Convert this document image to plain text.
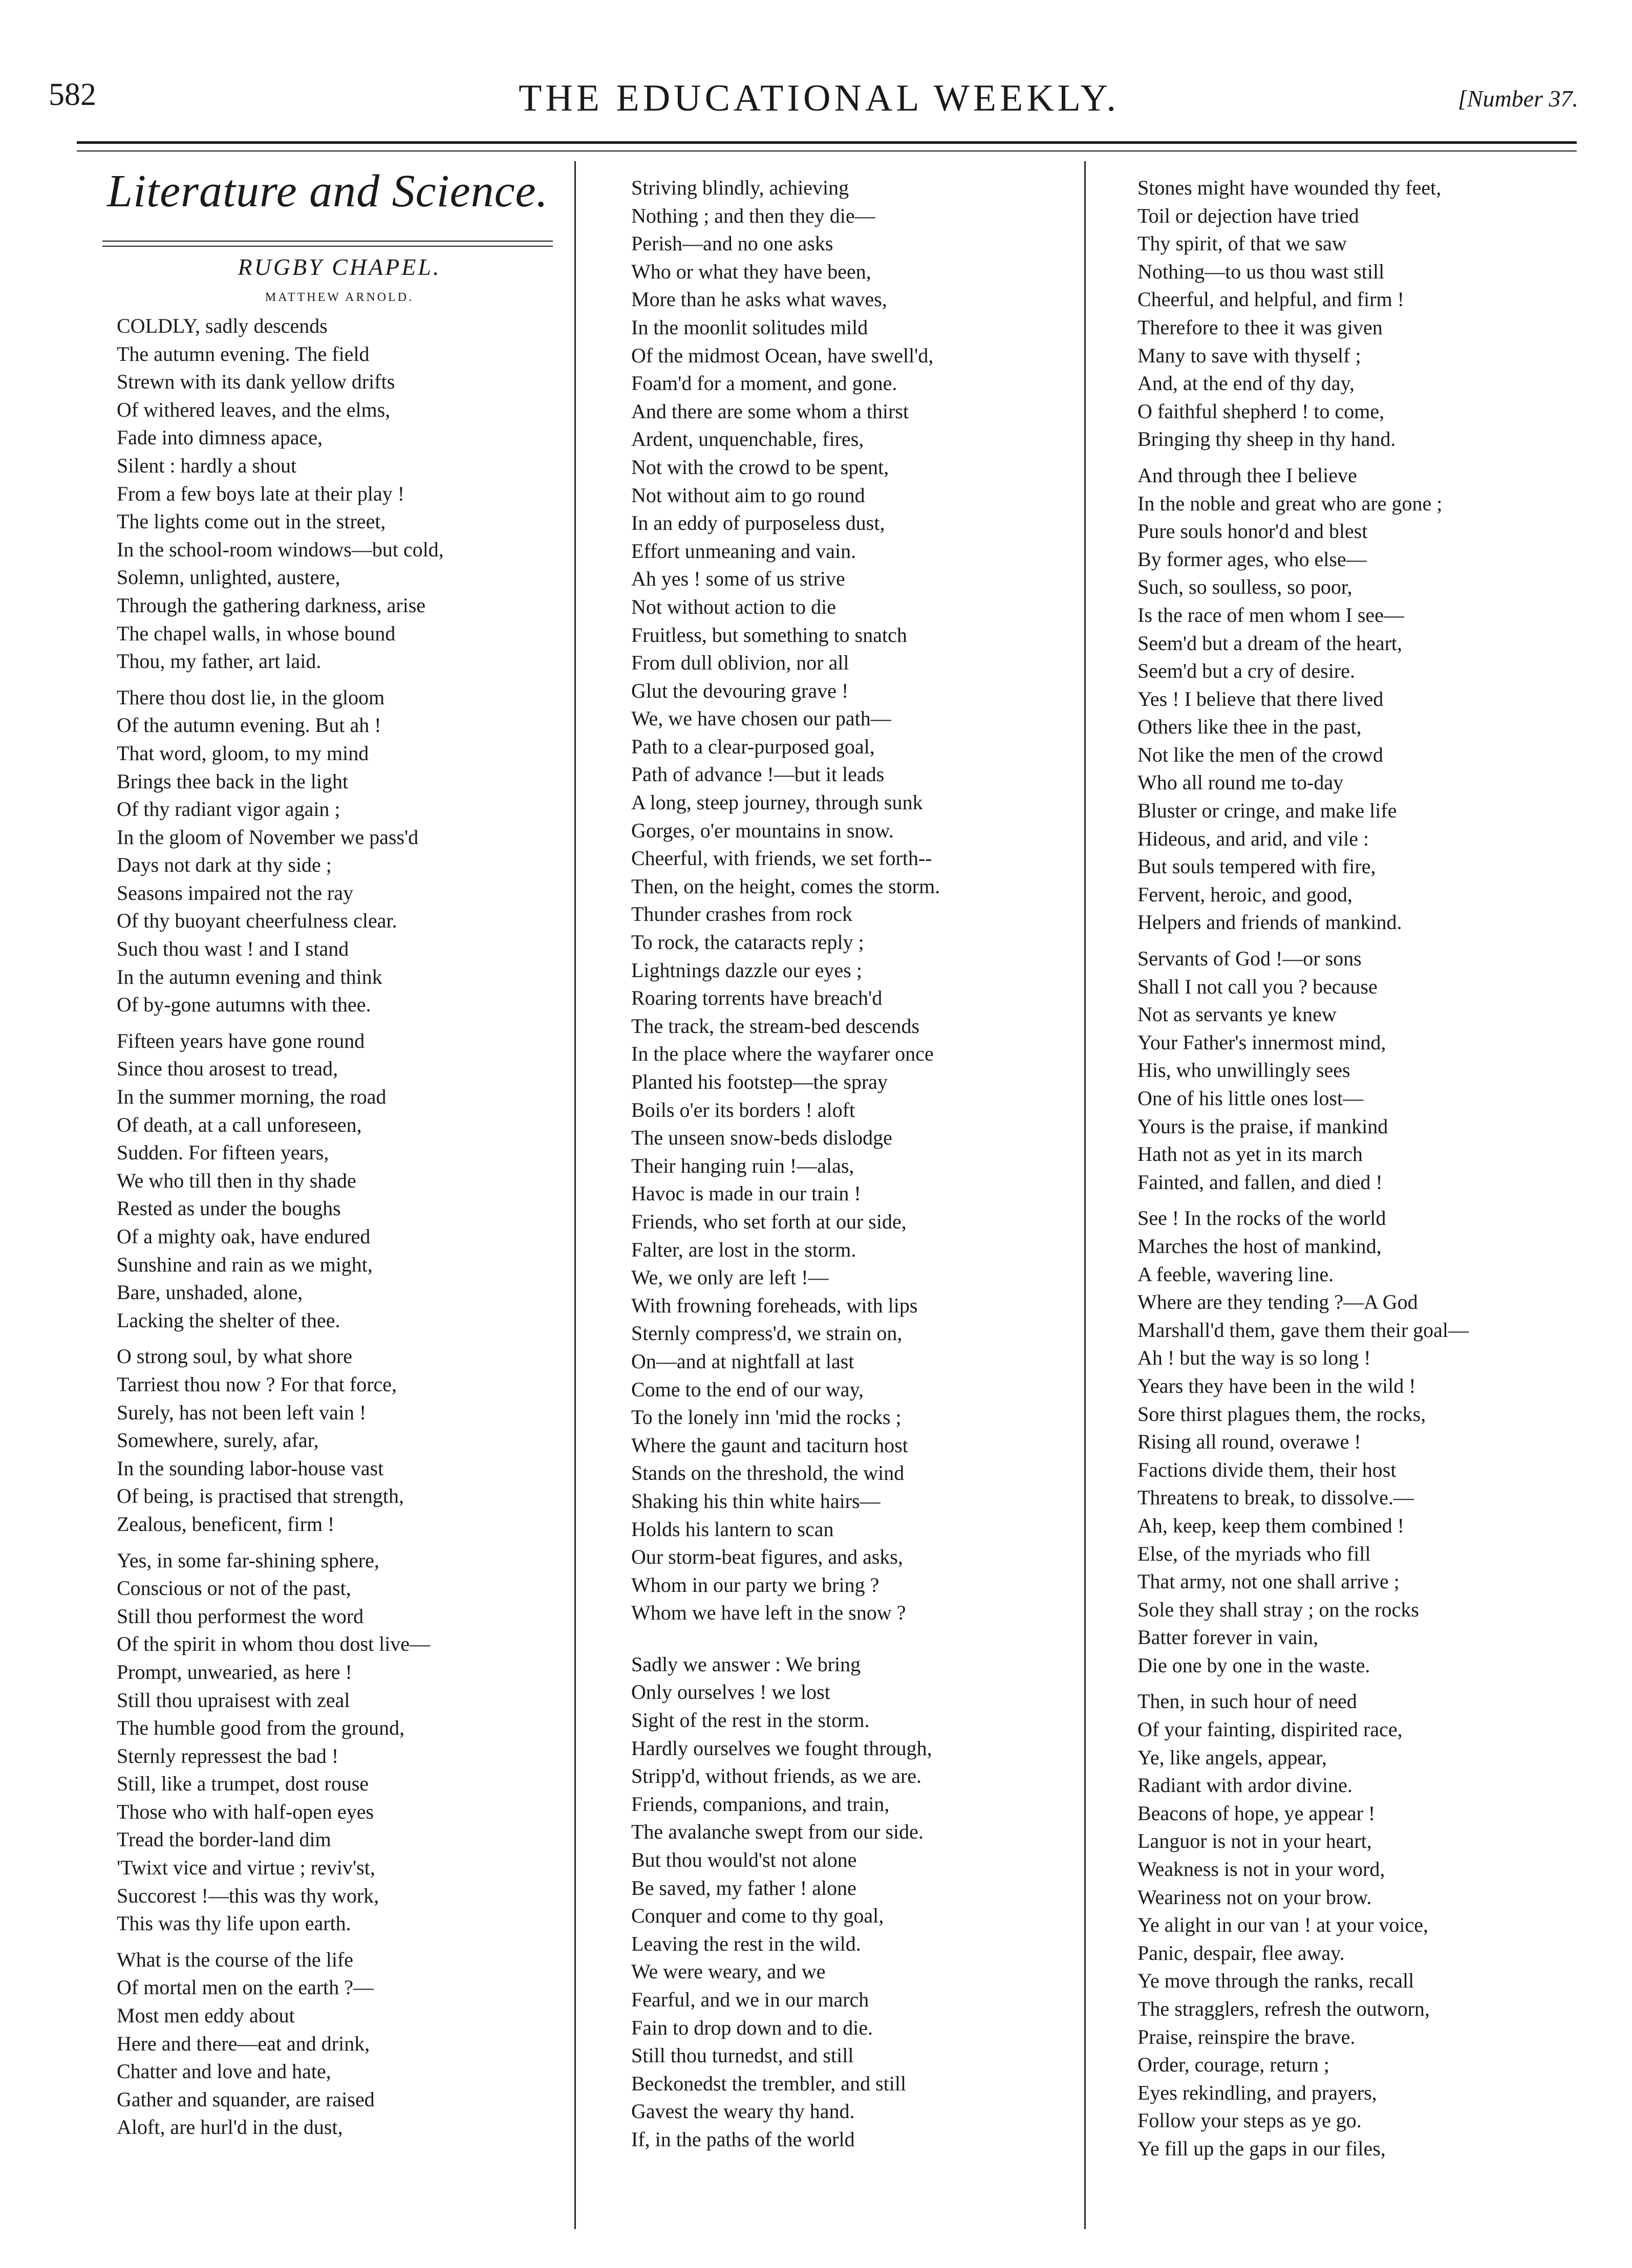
582	THE EDUCATIONAL WEEKLY.	[Number 37.
Literature and Science.
RUGBY CHAPEL.
MATTHEW ARNOLD.
COLDLY, sadly descends
The autumn evening. The field
Strewn with its dank yellow drifts
Of withered leaves, and the elms,
Fade into dimness apace,
Silent : hardly a shout
From a few boys late at their play !
The lights come out in the street,
In the school-room windows—but cold,
Solemn, unlighted, austere,
Through the gathering darkness, arise
The chapel walls, in whose bound
Thou, my father, art laid.
There thou dost lie, in the gloom
Of the autumn evening. But ah !
That word, gloom, to my mind
Brings thee back in the light
Of thy radiant vigor again ;
In the gloom of November we pass'd
Days not dark at thy side ;
Seasons impaired not the ray
Of thy buoyant cheerfulness clear.
Such thou wast ! and I stand
In the autumn evening and think
Of by-gone autumns with thee.
Fifteen years have gone round
Since thou arosest to tread,
In the summer morning, the road
Of death, at a call unforeseen,
Sudden. For fifteen years,
We who till then in thy shade
Rested as under the boughs
Of a mighty oak, have endured
Sunshine and rain as we might,
Bare, unshaded, alone,
Lacking the shelter of thee.
O strong soul, by what shore
Tarriest thou now ? For that force,
Surely, has not been left vain !
Somewhere, surely, afar,
In the sounding labor-house vast
Of being, is practised that strength,
Zealous, beneficent, firm !
Yes, in some far-shining sphere,
Conscious or not of the past,
Still thou performest the word
Of the spirit in whom thou dost live—
Prompt, unwearied, as here !
Still thou upraisest with zeal
The humble good from the ground,
Sternly repressest the bad !
Still, like a trumpet, dost rouse
Those who with half-open eyes
Tread the border-land dim
'Twixt vice and virtue ; reviv'st,
Succorest !—this was thy work,
This was thy life upon earth.
What is the course of the life
Of mortal men on the earth ?—
Most men eddy about
Here and there—eat and drink,
Chatter and love and hate,
Gather and squander, are raised
Aloft, are hurl'd in the dust,
Striving blindly, achieving
Nothing ; and then they die—
Perish—and no one asks
Who or what they have been,
More than he asks what waves,
In the moonlit solitudes mild
Of the midmost Ocean, have swell'd,
Foam'd for a moment, and gone.
And there are some whom a thirst
Ardent, unquenchable, fires,
Not with the crowd to be spent,
Not without aim to go round
In an eddy of purposeless dust,
Effort unmeaning and vain.
Ah yes ! some of us strive
Not without action to die
Fruitless, but something to snatch
From dull oblivion, nor all
Glut the devouring grave !
We, we have chosen our path—
Path to a clear-purposed goal,
Path of advance !—but it leads
A long, steep journey, through sunk
Gorges, o'er mountains in snow.
Cheerful, with friends, we set forth--
Then, on the height, comes the storm.
Thunder crashes from rock
To rock, the cataracts reply ;
Lightnings dazzle our eyes ;
Roaring torrents have breach'd
The track, the stream-bed descends
In the place where the wayfarer once
Planted his footstep—the spray
Boils o'er its borders ! aloft
The unseen snow-beds dislodge
Their hanging ruin !—alas,
Havoc is made in our train !
Friends, who set forth at our side,
Falter, are lost in the storm.
We, we only are left !—
With frowning foreheads, with lips
Sternly compress'd, we strain on,
On—and at nightfall at last
Come to the end of our way,
To the lonely inn 'mid the rocks ;
Where the gaunt and taciturn host
Stands on the threshold, the wind
Shaking his thin white hairs—
Holds his lantern to scan
Our storm-beat figures, and asks,
Whom in our party we bring ?
Whom we have left in the snow ?
Sadly we answer : We bring
Only ourselves ! we lost
Sight of the rest in the storm.
Hardly ourselves we fought through,
Stripp'd, without friends, as we are.
Friends, companions, and train,
The avalanche swept from our side.
But thou would'st not alone
Be saved, my father ! alone
Conquer and come to thy goal,
Leaving the rest in the wild.
We were weary, and we
Fearful, and we in our march
Fain to drop down and to die.
Still thou turnedst, and still
Beckonedst the trembler, and still
Gavest the weary thy hand.
If, in the paths of the world
Stones might have wounded thy feet,
Toil or dejection have tried
Thy spirit, of that we saw
Nothing—to us thou wast still
Cheerful, and helpful, and firm !
Therefore to thee it was given
Many to save with thyself ;
And, at the end of thy day,
O faithful shepherd ! to come,
Bringing thy sheep in thy hand.
And through thee I believe
In the noble and great who are gone ;
Pure souls honor'd and blest
By former ages, who else—
Such, so soulless, so poor,
Is the race of men whom I see—
Seem'd but a dream of the heart,
Seem'd but a cry of desire.
Yes ! I believe that there lived
Others like thee in the past,
Not like the men of the crowd
Who all round me to-day
Bluster or cringe, and make life
Hideous, and arid, and vile :
But souls tempered with fire,
Fervent, heroic, and good,
Helpers and friends of mankind.
Servants of God !—or sons
Shall I not call you ? because
Not as servants ye knew
Your Father's innermost mind,
His, who unwillingly sees
One of his little ones lost—
Yours is the praise, if mankind
Hath not as yet in its march
Fainted, and fallen, and died !
See ! In the rocks of the world
Marches the host of mankind,
A feeble, wavering line.
Where are they tending ?—A God
Marshall'd them, gave them their goal—
Ah ! but the way is so long !
Years they have been in the wild !
Sore thirst plagues them, the rocks,
Rising all round, overawe !
Factions divide them, their host
Threatens to break, to dissolve.—
Ah, keep, keep them combined !
Else, of the myriads who fill
That army, not one shall arrive ;
Sole they shall stray ; on the rocks
Batter forever in vain,
Die one by one in the waste.
Then, in such hour of need
Of your fainting, dispirited race,
Ye, like angels, appear,
Radiant with ardor divine.
Beacons of hope, ye appear !
Languor is not in your heart,
Weakness is not in your word,
Weariness not on your brow.
Ye alight in our van ! at your voice,
Panic, despair, flee away.
Ye move through the ranks, recall
The stragglers, refresh the outworn,
Praise, reinspire the brave.
Order, courage, return ;
Eyes rekindling, and prayers,
Follow your steps as ye go.
Ye fill up the gaps in our files,
